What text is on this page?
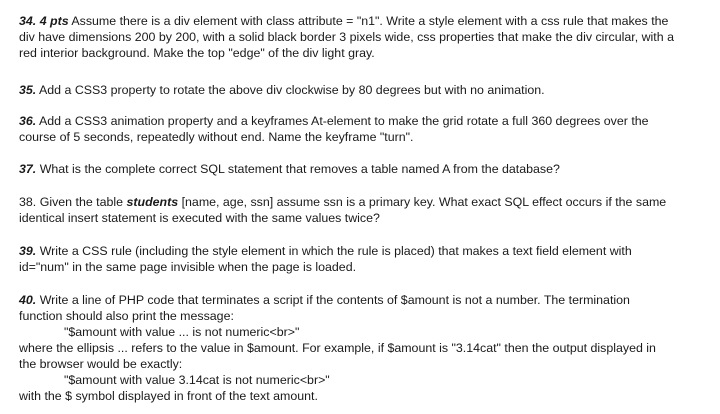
34. 4 pts Assume there is a div element with class attribute = "n1". Write a style element with a css rule that makes the
div have dimensions 200 by 200, with a solid black border 3 pixels wide, css properties that make the div circular, with a
red interior background. Make the top "edge" of the div light gray.
35. Add a CSS3 property to rotate the above div clockwise by 80 degrees but with no animation.
36. Add a CSS3 animation property and a keyframes At-element to make the grid rotate a full 360 degrees over the
course of 5 seconds, repeatedly without end. Name the keyframe "turn".
37. What is the complete correct SQL statement that removes a table named A from the database?
38. Given the table students [name, age, ssn] assume ssn is a primary key. What exact SQL effect occurs if the same
identical insert statement is executed with the same values twice?
39. Write a CSS rule (including the style element in which the rule is placed) that makes a text field element with
id="num" in the same page invisible when the page is loaded.
40. Write a line of PHP code that terminates a script if the contents of $amount is not a number. The termination
function should also print the message:
"$amount with value ... is not numeric<br>"
where the ellipsis ... refers to the value in $amount. For example, if $amount is "3.14cat" then the output displayed in
the browser would be exactly:
"$amount with value 3.14cat is not numeric<br>"
with the $ symbol displayed in front of the text amount.
